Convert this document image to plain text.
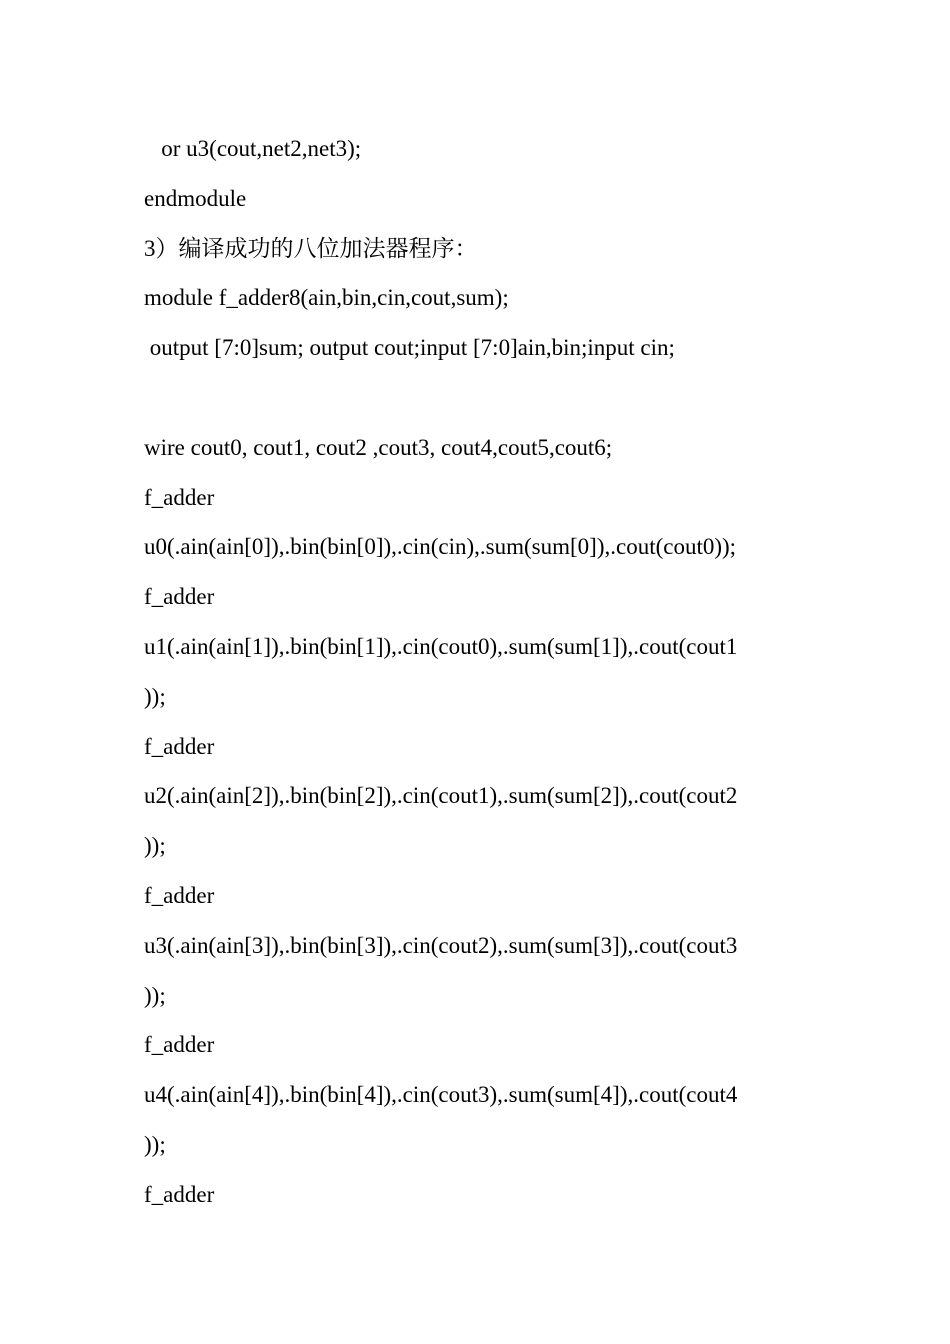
or u3(cout,net2,net3);
endmodule
3）编译成功的八位加法器程序：
module f_adder8(ain,bin,cin,cout,sum);
output [7:0]sum; output cout;input [7:0]ain,bin;input cin;
wire cout0, cout1, cout2 ,cout3, cout4,cout5,cout6;
f_adder
u0(.ain(ain[0]),.bin(bin[0]),.cin(cin),.sum(sum[0]),.cout(cout0));
f_adder
u1(.ain(ain[1]),.bin(bin[1]),.cin(cout0),.sum(sum[1]),.cout(cout1
));
f_adder
u2(.ain(ain[2]),.bin(bin[2]),.cin(cout1),.sum(sum[2]),.cout(cout2
));
f_adder
u3(.ain(ain[3]),.bin(bin[3]),.cin(cout2),.sum(sum[3]),.cout(cout3
));
f_adder
u4(.ain(ain[4]),.bin(bin[4]),.cin(cout3),.sum(sum[4]),.cout(cout4
));
f_adder
